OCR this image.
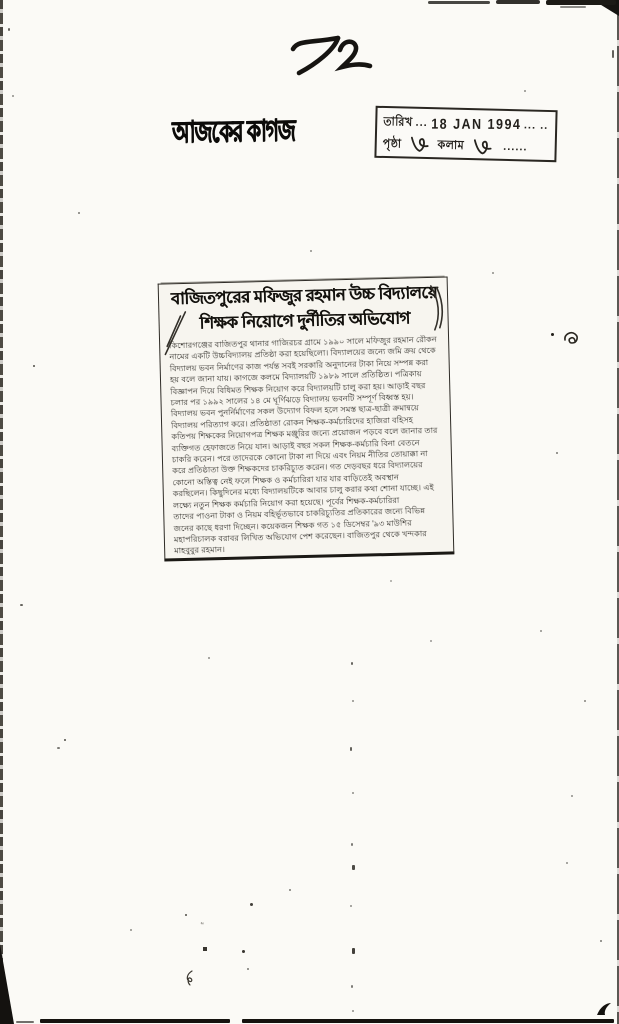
আজকের কাগজ	তারিখ ... 18 JAN 1994 ... ..
পৃষ্ঠা	কলাম	......
বাজিতপুরের মফিজুর রহমান উচ্চ বিদ্যালয়ে
শিক্ষক নিয়োগে দুর্নীতির অভিযোগ
কিশোরগঞ্জের বাজিতপুর থানার গাজিরচর গ্রামে ১৯৯০ সালে মফিজুর রহমান রৌকন
নামের একটি উচ্চবিদ্যালয় প্রতিষ্ঠা করা হয়েছিলো। বিদ্যালয়ের জন্যে জমি ক্রয় থেকে
বিদ্যালয় ভবন নির্মাণের কাজ পর্যন্ত সবই সরকারি অনুদানের টাকা নিয়ে সম্পন্ন করা
হয় বলে জানা যায়। কাগজে কলমে বিদ্যালয়টি ১৯৮৯ সালে প্রতিষ্ঠিত। পত্রিকায়
বিজ্ঞাপন দিয়ে বিধিমত শিক্ষক নিয়োগ করে বিদ্যালয়টি চালু করা হয়। আড়াই বছর
চলার পর ১৯৯২ সালের ১৪ মে ঘূর্ণিঝড়ে বিদ্যালয় ভবনটি সম্পূর্ণ বিধ্বস্ত হয়।
বিদ্যালয় ভবন পুনর্নির্মাণের সকল উদ্যোগ বিফল হলে সমস্ত ছাত্র-ছাত্রী ক্রমান্বয়ে
বিদ্যালয় পরিত্যাগ করে। প্রতিষ্ঠাতা রোকন শিক্ষক-কর্মচারিদের হাজিরা বহিসহ
কতিপয় শিক্ষকের নিয়োগপত্র শিক্ষক মঞ্জুরির জন্যে প্রয়োজন পড়বে বলে জানার তার
ব্যক্তিগত হেফাজতে নিয়ে যান। আড়াই বছর সকল শিক্ষক-কর্মচারি বিনা বেতনে
চাকরি করেন। পরে তাদেরকে কোনো টাকা না দিয়ে এবং নিয়ম নীতির তোয়াক্কা না
করে প্রতিষ্ঠাতা উক্ত শিক্ষকদের চাকরিচ্যুত করেন। গত দেড়বছর ধরে বিদ্যালয়ের
কোনো অস্তিত্ব নেই ফলে শিক্ষক ও কর্মচারিরা যার যার বাড়িতেই অবস্থান
করছিলেন। কিছুদিনের মধ্যে বিদ্যালয়টিকে আবার চালু করার কথা শোনা যাচ্ছে। এই
লক্ষ্যে নতুন শিক্ষক কর্মচারি নিয়োগ করা হয়েছে। পূর্বের শিক্ষক-কর্মচারিরা
তাদের পাওনা টাকা ও নিয়ম বহির্ভূতভাবে চাকরিচ্যুতির প্রতিকারের জন্যে বিভিন্ন
জনের কাছে ধরণা দিচ্ছেন। কয়েকজন শিক্ষক গত ১৫ ডিসেম্বর '৯৩ মাউশির
মহাপরিচালক বরাবর লিখিত অভিযোগ পেশ করেছেন। বাজিতপুর থেকে খন্দকার
মাহবুবুর রহমান।
‛‛
